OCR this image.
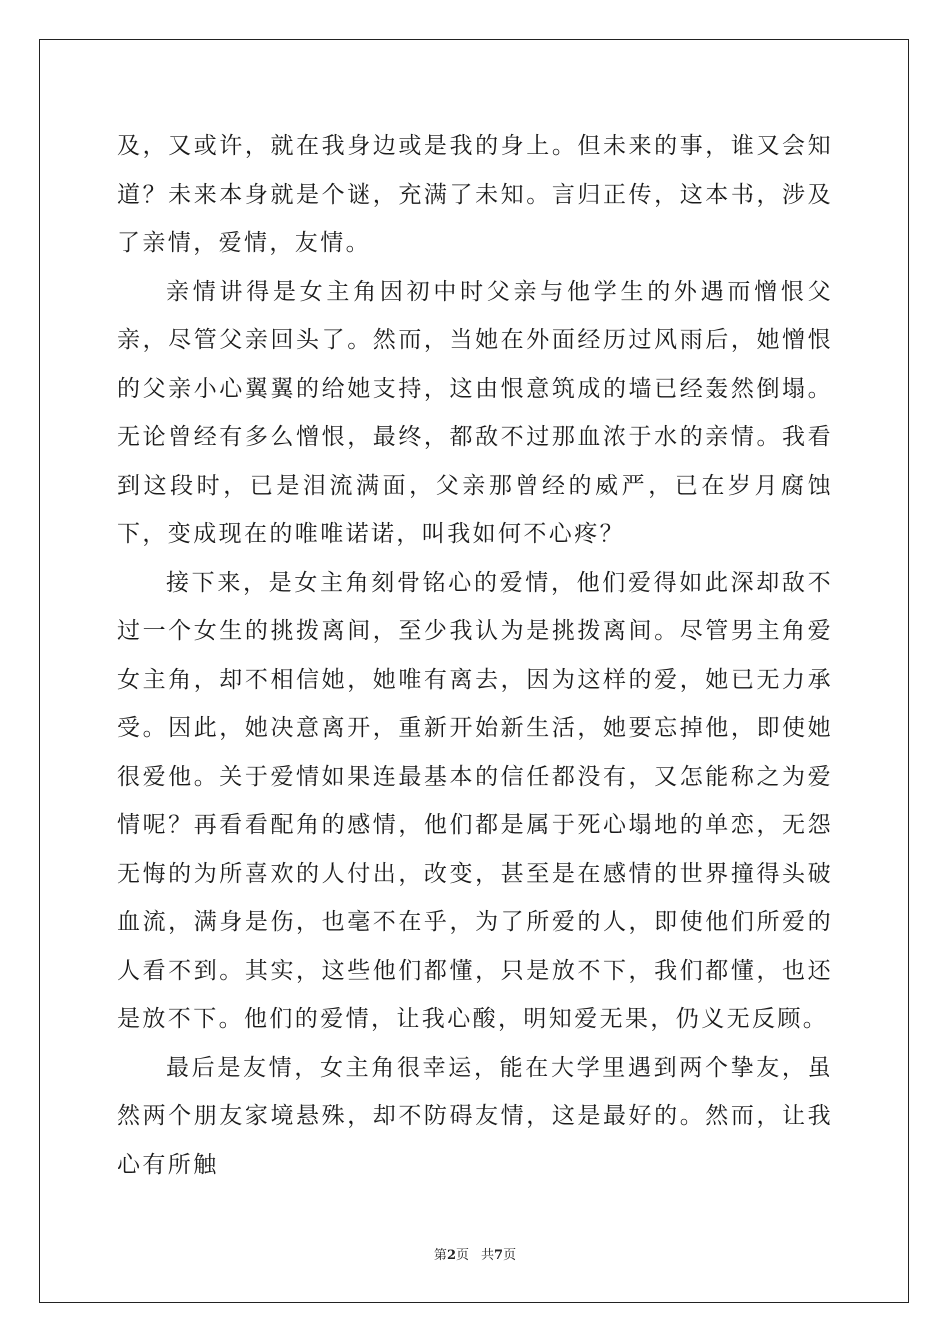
及，又或许，就在我身边或是我的身上。但未来的事，谁又会知道？未来本身就是个谜，充满了未知。言归正传，这本书，涉及了亲情，爱情，友情。

亲情讲得是女主角因初中时父亲与他学生的外遇而憎恨父亲，尽管父亲回头了。然而，当她在外面经历过风雨后，她憎恨的父亲小心翼翼的给她支持，这由恨意筑成的墙已经轰然倒塌。无论曾经有多么憎恨，最终，都敌不过那血浓于水的亲情。我看到这段时，已是泪流满面，父亲那曾经的威严，已在岁月腐蚀下，变成现在的唯唯诺诺，叫我如何不心疼？

接下来，是女主角刻骨铭心的爱情，他们爱得如此深却敌不过一个女生的挑拨离间，至少我认为是挑拨离间。尽管男主角爱女主角，却不相信她，她唯有离去，因为这样的爱，她已无力承受。因此，她决意离开，重新开始新生活，她要忘掉他，即使她很爱他。关于爱情如果连最基本的信任都没有，又怎能称之为爱情呢？再看看配角的感情，他们都是属于死心塌地的单恋，无怨无悔的为所喜欢的人付出，改变，甚至是在感情的世界撞得头破血流，满身是伤，也毫不在乎，为了所爱的人，即使他们所爱的人看不到。其实，这些他们都懂，只是放不下，我们都懂，也还是放不下。他们的爱情，让我心酸，明知爱无果，仍义无反顾。

最后是友情，女主角很幸运，能在大学里遇到两个挚友，虽然两个朋友家境悬殊，却不防碍友情，这是最好的。然而，让我心有所触

第2页 共7页
